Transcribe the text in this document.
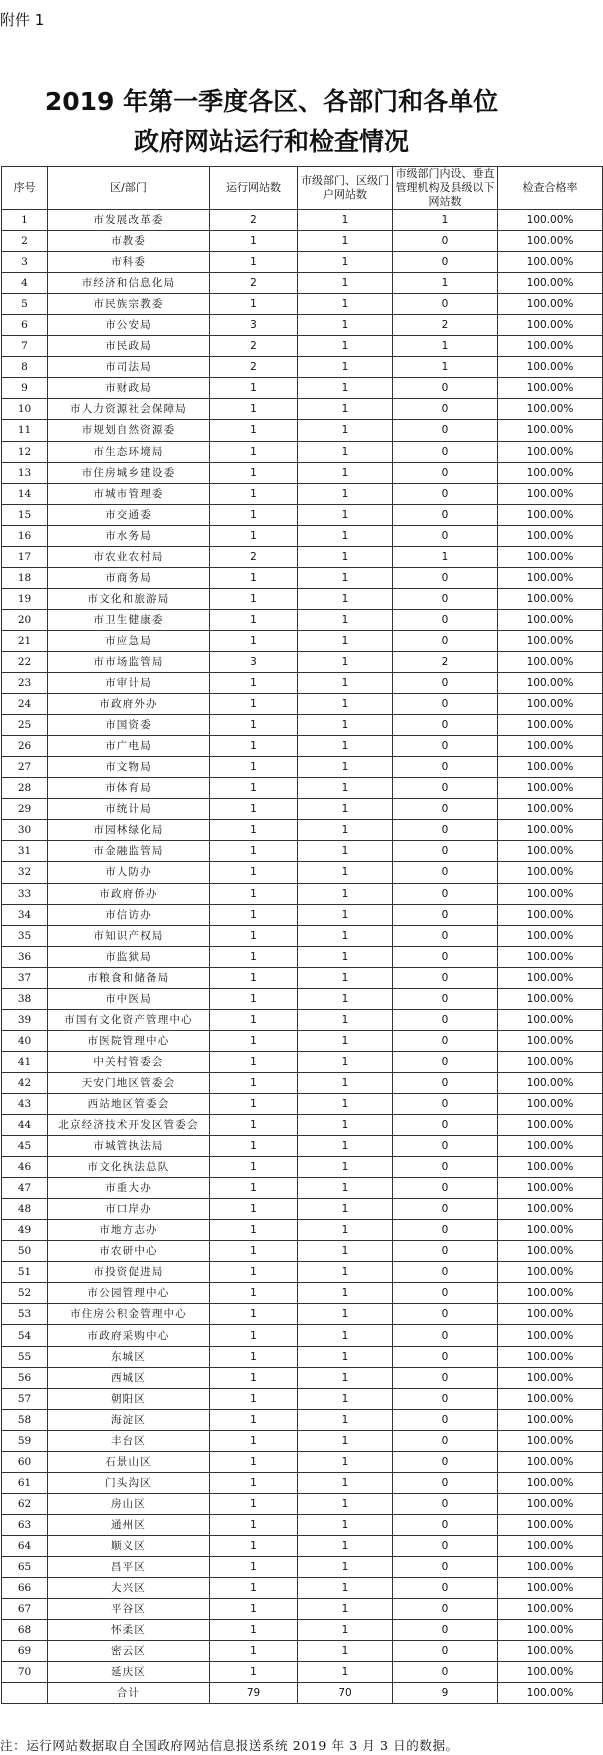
附件 1
2019 年第一季度各区、各部门和各单位
政府网站运行和检查情况
序号	区/部门	运行网站数	市级部门、区级门户网站数	市级部门内设、垂直管理机构及县级以下网站数	检查合格率
1	市发展改革委	2	1	1	100.00%
2	市教委	1	1	0	100.00%
3	市科委	1	1	0	100.00%
4	市经济和信息化局	2	1	1	100.00%
5	市民族宗教委	1	1	0	100.00%
6	市公安局	3	1	2	100.00%
7	市民政局	2	1	1	100.00%
8	市司法局	2	1	1	100.00%
9	市财政局	1	1	0	100.00%
10	市人力资源社会保障局	1	1	0	100.00%
11	市规划自然资源委	1	1	0	100.00%
12	市生态环境局	1	1	0	100.00%
13	市住房城乡建设委	1	1	0	100.00%
14	市城市管理委	1	1	0	100.00%
15	市交通委	1	1	0	100.00%
16	市水务局	1	1	0	100.00%
17	市农业农村局	2	1	1	100.00%
18	市商务局	1	1	0	100.00%
19	市文化和旅游局	1	1	0	100.00%
20	市卫生健康委	1	1	0	100.00%
21	市应急局	1	1	0	100.00%
22	市市场监管局	3	1	2	100.00%
23	市审计局	1	1	0	100.00%
24	市政府外办	1	1	0	100.00%
25	市国资委	1	1	0	100.00%
26	市广电局	1	1	0	100.00%
27	市文物局	1	1	0	100.00%
28	市体育局	1	1	0	100.00%
29	市统计局	1	1	0	100.00%
30	市园林绿化局	1	1	0	100.00%
31	市金融监管局	1	1	0	100.00%
32	市人防办	1	1	0	100.00%
33	市政府侨办	1	1	0	100.00%
34	市信访办	1	1	0	100.00%
35	市知识产权局	1	1	0	100.00%
36	市监狱局	1	1	0	100.00%
37	市粮食和储备局	1	1	0	100.00%
38	市中医局	1	1	0	100.00%
39	市国有文化资产管理中心	1	1	0	100.00%
40	市医院管理中心	1	1	0	100.00%
41	中关村管委会	1	1	0	100.00%
42	天安门地区管委会	1	1	0	100.00%
43	西站地区管委会	1	1	0	100.00%
44	北京经济技术开发区管委会	1	1	0	100.00%
45	市城管执法局	1	1	0	100.00%
46	市文化执法总队	1	1	0	100.00%
47	市重大办	1	1	0	100.00%
48	市口岸办	1	1	0	100.00%
49	市地方志办	1	1	0	100.00%
50	市农研中心	1	1	0	100.00%
51	市投资促进局	1	1	0	100.00%
52	市公园管理中心	1	1	0	100.00%
53	市住房公积金管理中心	1	1	0	100.00%
54	市政府采购中心	1	1	0	100.00%
55	东城区	1	1	0	100.00%
56	西城区	1	1	0	100.00%
57	朝阳区	1	1	0	100.00%
58	海淀区	1	1	0	100.00%
59	丰台区	1	1	0	100.00%
60	石景山区	1	1	0	100.00%
61	门头沟区	1	1	0	100.00%
62	房山区	1	1	0	100.00%
63	通州区	1	1	0	100.00%
64	顺义区	1	1	0	100.00%
65	昌平区	1	1	0	100.00%
66	大兴区	1	1	0	100.00%
67	平谷区	1	1	0	100.00%
68	怀柔区	1	1	0	100.00%
69	密云区	1	1	0	100.00%
70	延庆区	1	1	0	100.00%
	合计	79	70	9	100.00%
注：运行网站数据取自全国政府网站信息报送系统 2019 年 3 月 3 日的数据。
